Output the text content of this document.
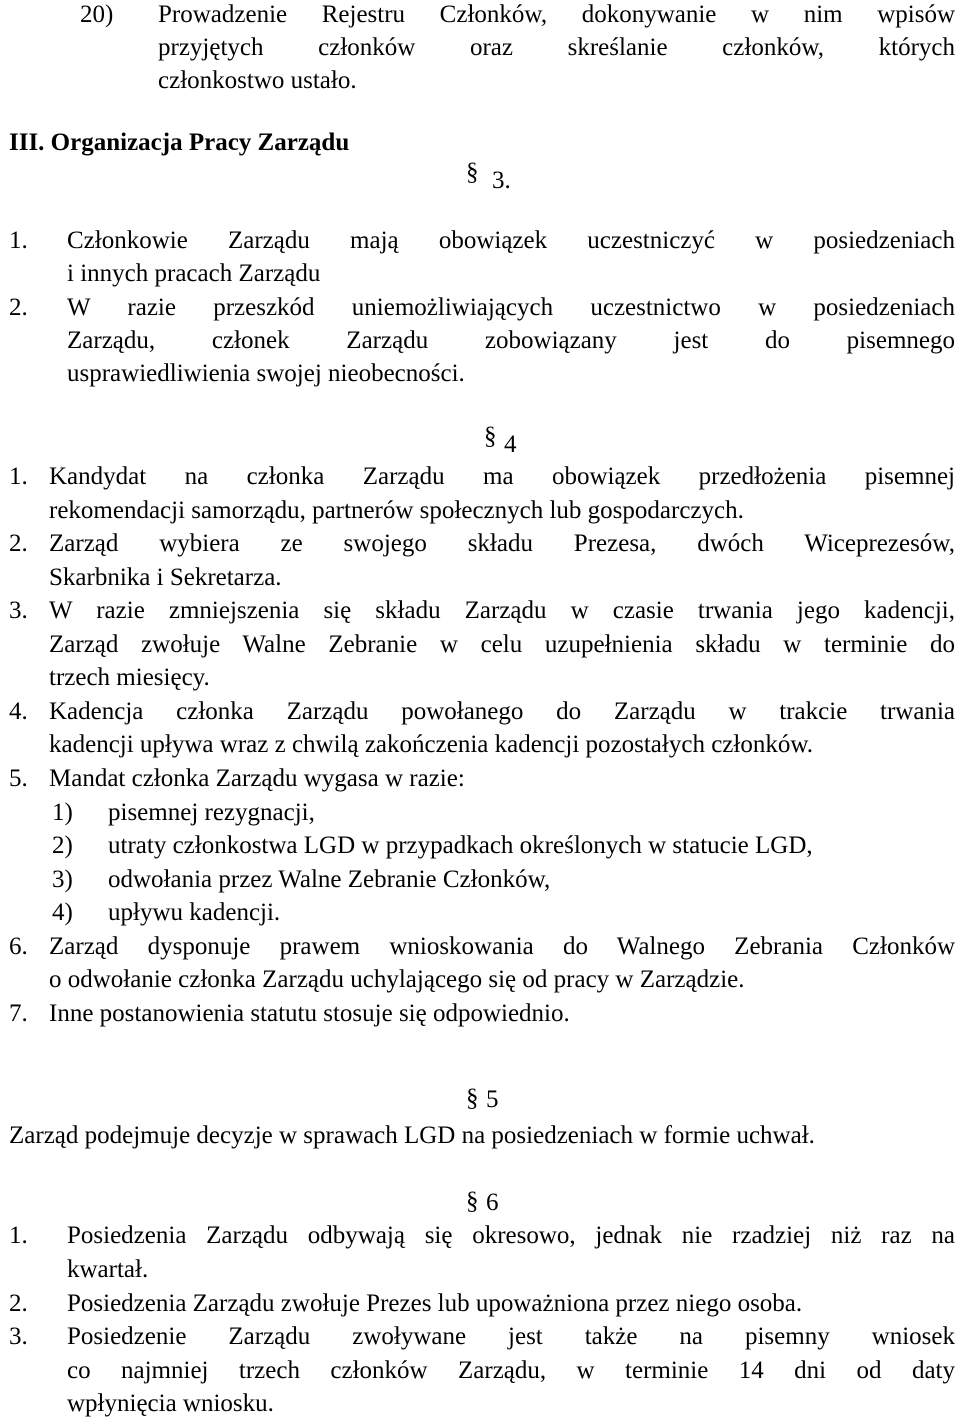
20) Prowadzenie Rejestru Członków, dokonywanie w nim wpisów
przyjętych członków oraz skreślanie członków, których
członkostwo ustało.
III. Organizacja Pracy Zarządu
§ 3.
1. Członkowie Zarządu mają obowiązek uczestniczyć w posiedzeniach
i innych pracach Zarządu
2. W razie przeszkód uniemożliwiających uczestnictwo w posiedzeniach
Zarządu, członek Zarządu zobowiązany jest do pisemnego
usprawiedliwienia swojej nieobecności.
§ 4
1. Kandydat na członka Zarządu ma obowiązek przedłożenia pisemnej
rekomendacji samorządu, partnerów społecznych lub gospodarczych.
2. Zarząd wybiera ze swojego składu Prezesa, dwóch Wiceprezesów,
Skarbnika i Sekretarza.
3. W razie zmniejszenia się składu Zarządu w czasie trwania jego kadencji,
Zarząd zwołuje Walne Zebranie w celu uzupełnienia składu w terminie do
trzech miesięcy.
4. Kadencja członka Zarządu powołanego do Zarządu w trakcie trwania
kadencji upływa wraz z chwilą zakończenia kadencji pozostałych członków.
5. Mandat członka Zarządu wygasa w razie:
1) pisemnej rezygnacji,
2) utraty członkostwa LGD w przypadkach określonych w statucie LGD,
3) odwołania przez Walne Zebranie Członków,
4) upływu kadencji.
6. Zarząd dysponuje prawem wnioskowania do Walnego Zebrania Członków
o odwołanie członka Zarządu uchylającego się od pracy w Zarządzie.
7. Inne postanowienia statutu stosuje się odpowiednio.
§ 5
Zarząd podejmuje decyzje w sprawach LGD na posiedzeniach w formie uchwał.
§ 6
1. Posiedzenia Zarządu odbywają się okresowo, jednak nie rzadziej niż raz na
kwartał.
2. Posiedzenia Zarządu zwołuje Prezes lub upoważniona przez niego osoba.
3. Posiedzenie Zarządu zwoływane jest także na pisemny wniosek
co najmniej trzech członków Zarządu, w terminie 14 dni od daty
wpłynięcia wniosku.
